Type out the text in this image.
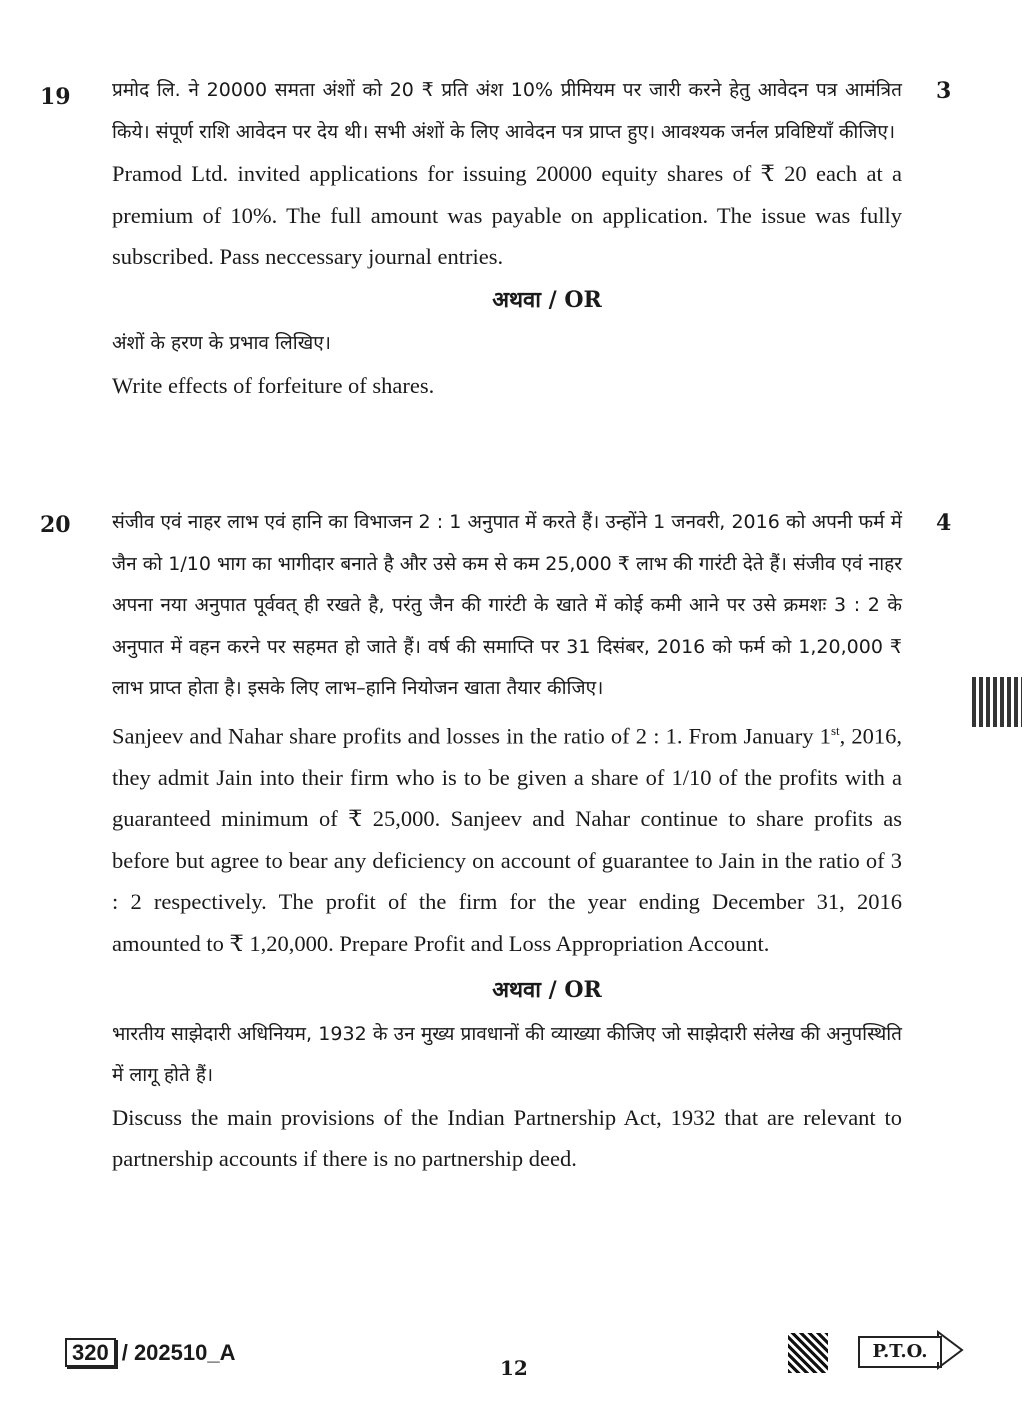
19	3

प्रमोद लि. ने 20000 समता अंशों को 20 ₹ प्रति अंश 10% प्रीमियम पर जारी करने हेतु आवेदन पत्र आमंत्रित किये। संपूर्ण राशि आवेदन पर देय थी। सभी अंशों के लिए आवेदन पत्र प्राप्त हुए। आवश्यक जर्नल प्रविष्टियाँ कीजिए।

Pramod Ltd. invited applications for issuing 20000 equity shares of ₹ 20 each at a premium of 10%. The full amount was payable on application. The issue was fully subscribed. Pass neccessary journal entries.

अथवा / OR

अंशों के हरण के प्रभाव लिखिए।

Write effects of forfeiture of shares.

20	4

संजीव एवं नाहर लाभ एवं हानि का विभाजन 2 : 1 अनुपात में करते हैं। उन्होंने 1 जनवरी, 2016 को अपनी फर्म में जैन को 1/10 भाग का भागीदार बनाते है और उसे कम से कम 25,000 ₹ लाभ की गारंटी देते हैं। संजीव एवं नाहर अपना नया अनुपात पूर्ववत् ही रखते है, परंतु जैन की गारंटी के खाते में कोई कमी आने पर उसे क्रमशः 3 : 2 के अनुपात में वहन करने पर सहमत हो जाते हैं। वर्ष की समाप्ति पर 31 दिसंबर, 2016 को फर्म को 1,20,000 ₹ लाभ प्राप्त होता है। इसके लिए लाभ–हानि नियोजन खाता तैयार कीजिए।

Sanjeev and Nahar share profits and losses in the ratio of 2 : 1. From January 1st, 2016, they admit Jain into their firm who is to be given a share of 1/10 of the profits with a guaranteed minimum of ₹ 25,000. Sanjeev and Nahar continue to share profits as before but agree to bear any deficiency on account of guarantee to Jain in the ratio of 3 : 2 respectively. The profit of the firm for the year ending December 31, 2016 amounted to ₹ 1,20,000. Prepare Profit and Loss Appropriation Account.

अथवा / OR

भारतीय साझेदारी अधिनियम, 1932 के उन मुख्य प्रावधानों की व्याख्या कीजिए जो साझेदारी संलेख की अनुपस्थिति में लागू होते हैं।

Discuss the main provisions of the Indian Partnership Act, 1932 that are relevant to partnership accounts if there is no partnership deed.

320 / 202510_A
12
P.T.O.
